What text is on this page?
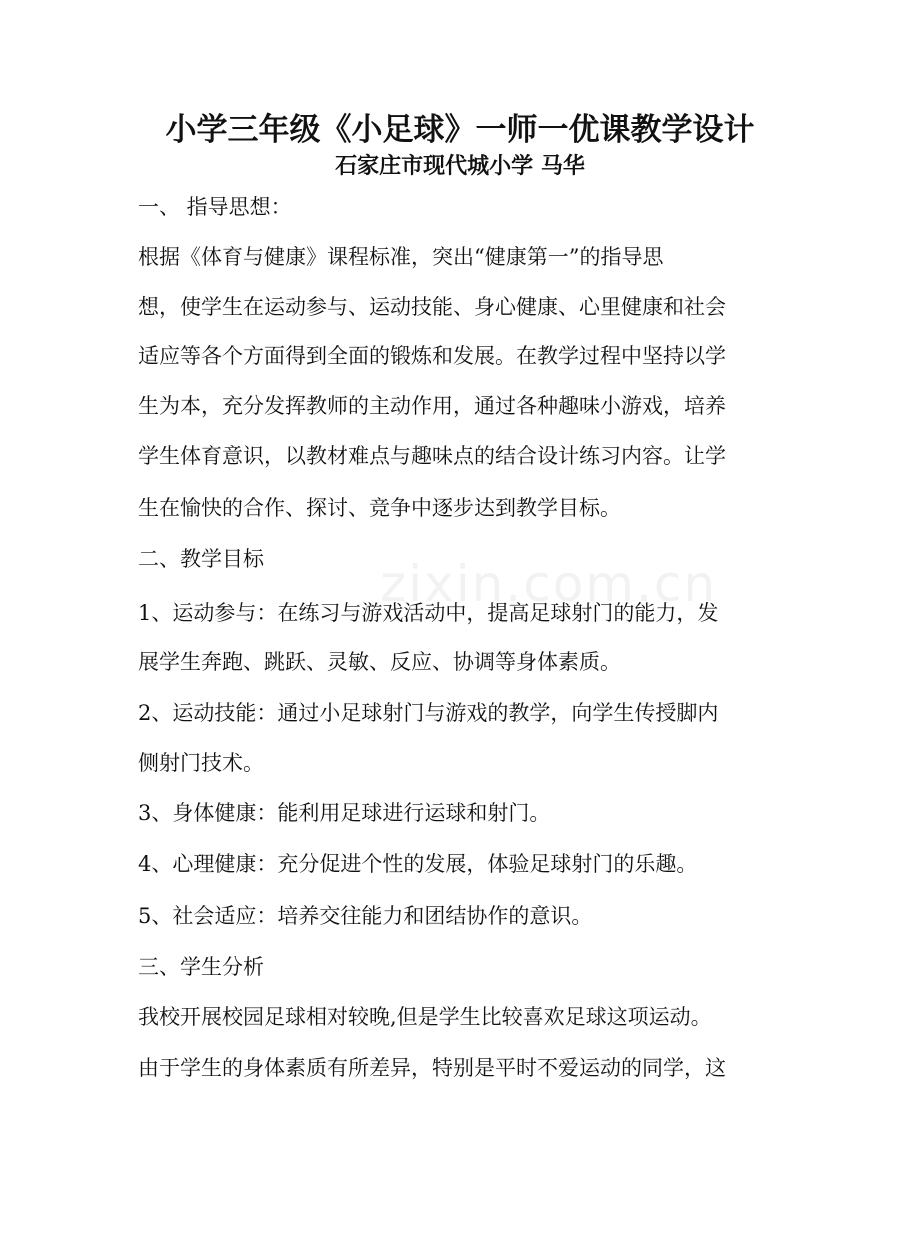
zixin.com.cn
小学三年级《小足球》一师一优课教学设计
石家庄市现代城小学 马华
一、 指导思想：
根据《体育与健康》课程标准，突出“健康第一”的指导思
想，使学生在运动参与、运动技能、身心健康、心里健康和社会
适应等各个方面得到全面的锻炼和发展。在教学过程中坚持以学
生为本，充分发挥教师的主动作用，通过各种趣味小游戏，培养
学生体育意识，以教材难点与趣味点的结合设计练习内容。让学
生在愉快的合作、探讨、竞争中逐步达到教学目标。
二、教学目标
1、运动参与：在练习与游戏活动中，提高足球射门的能力，发
展学生奔跑、跳跃、灵敏、反应、协调等身体素质。
2、运动技能：通过小足球射门与游戏的教学，向学生传授脚内
侧射门技术。
3、身体健康：能利用足球进行运球和射门。
4、心理健康：充分促进个性的发展，体验足球射门的乐趣。
5、社会适应：培养交往能力和团结协作的意识。
三、学生分析
我校开展校园足球相对较晚,但是学生比较喜欢足球这项运动。
由于学生的身体素质有所差异，特别是平时不爱运动的同学，这
